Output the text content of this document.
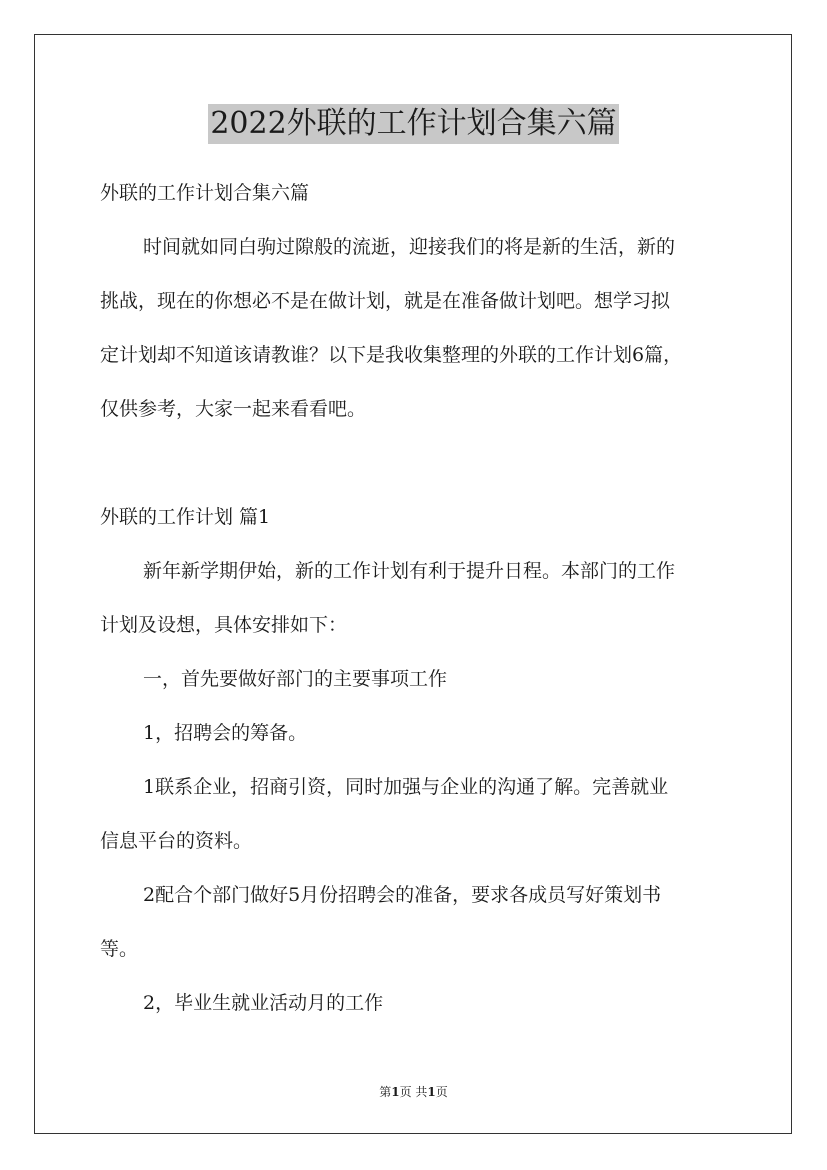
2022外联的工作计划合集六篇
外联的工作计划合集六篇
时间就如同白驹过隙般的流逝，迎接我们的将是新的生活，新的
挑战，现在的你想必不是在做计划，就是在准备做计划吧。想学习拟
定计划却不知道该请教谁？以下是我收集整理的外联的工作计划6篇，
仅供参考，大家一起来看看吧。
外联的工作计划 篇1
新年新学期伊始，新的工作计划有利于提升日程。本部门的工作
计划及设想，具体安排如下：
一，首先要做好部门的主要事项工作
1，招聘会的筹备。
1联系企业，招商引资，同时加强与企业的沟通了解。完善就业
信息平台的资料。
2配合个部门做好5月份招聘会的准备，要求各成员写好策划书
等。
2，毕业生就业活动月的工作
第1页 共1页
